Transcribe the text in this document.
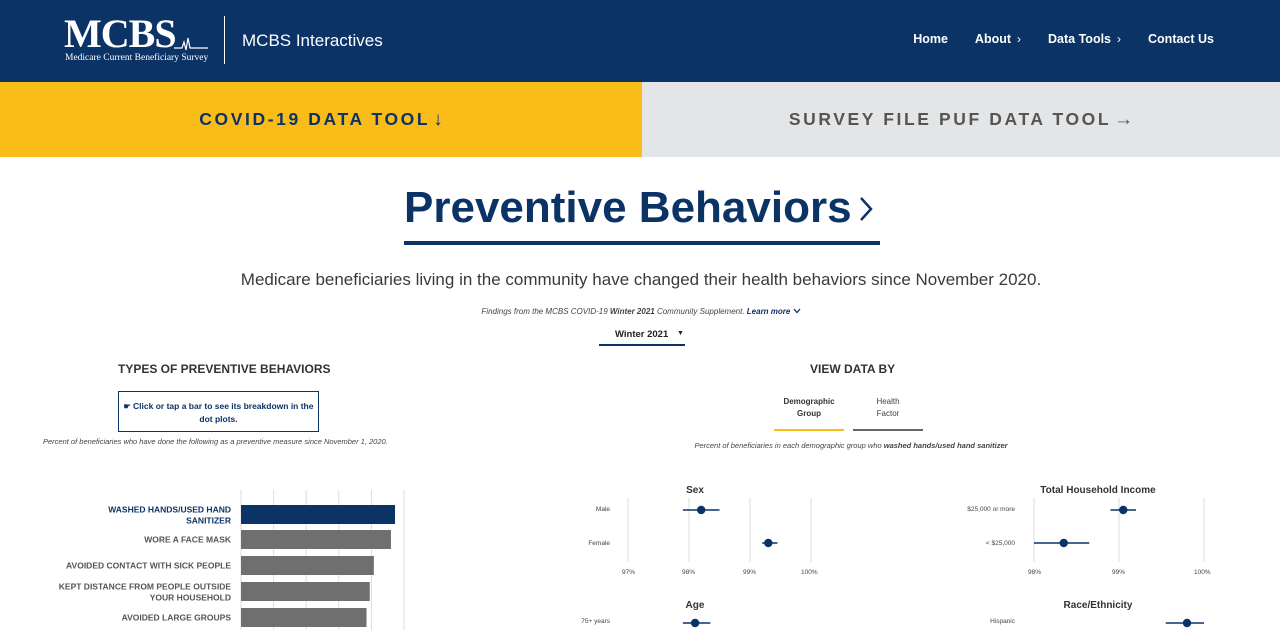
MCBS
Medicare Current Beneficiary Survey
MCBS Interactives	Home About › Data Tools › Contact Us
COVID-19 DATA TOOL ↓	SURVEY FILE PUF DATA TOOL →
Preventive Behaviors
Medicare beneficiaries living in the community have changed their health behaviors since November 2020.
Findings from the MCBS COVID-19 Winter 2021 Community Supplement. Learn more
Winter 2021 ▼
TYPES OF PREVENTIVE BEHAVIORS
☛ Click or tap a bar to see its breakdown in the dot plots.
Percent of beneficiaries who have done the following as a preventive measure since November 1, 2020.
WASHED HANDS/USED HAND
SANITIZER
WORE A FACE MASK
AVOIDED CONTACT WITH SICK PEOPLE
KEPT DISTANCE FROM PEOPLE OUTSIDE
YOUR HOUSEHOLD
AVOIDED LARGE GROUPS
VIEW DATA BY
Demographic
Group
Health
Factor
Percent of beneficiaries in each demographic group who washed hands/used hand sanitizer
Sex	Total Household Income
Age	Race/Ethnicity
Male
Female
$25,000 or more
< $25,000
75+ years	Hispanic
97%	98%	99%	100%	98%	99%	100%
